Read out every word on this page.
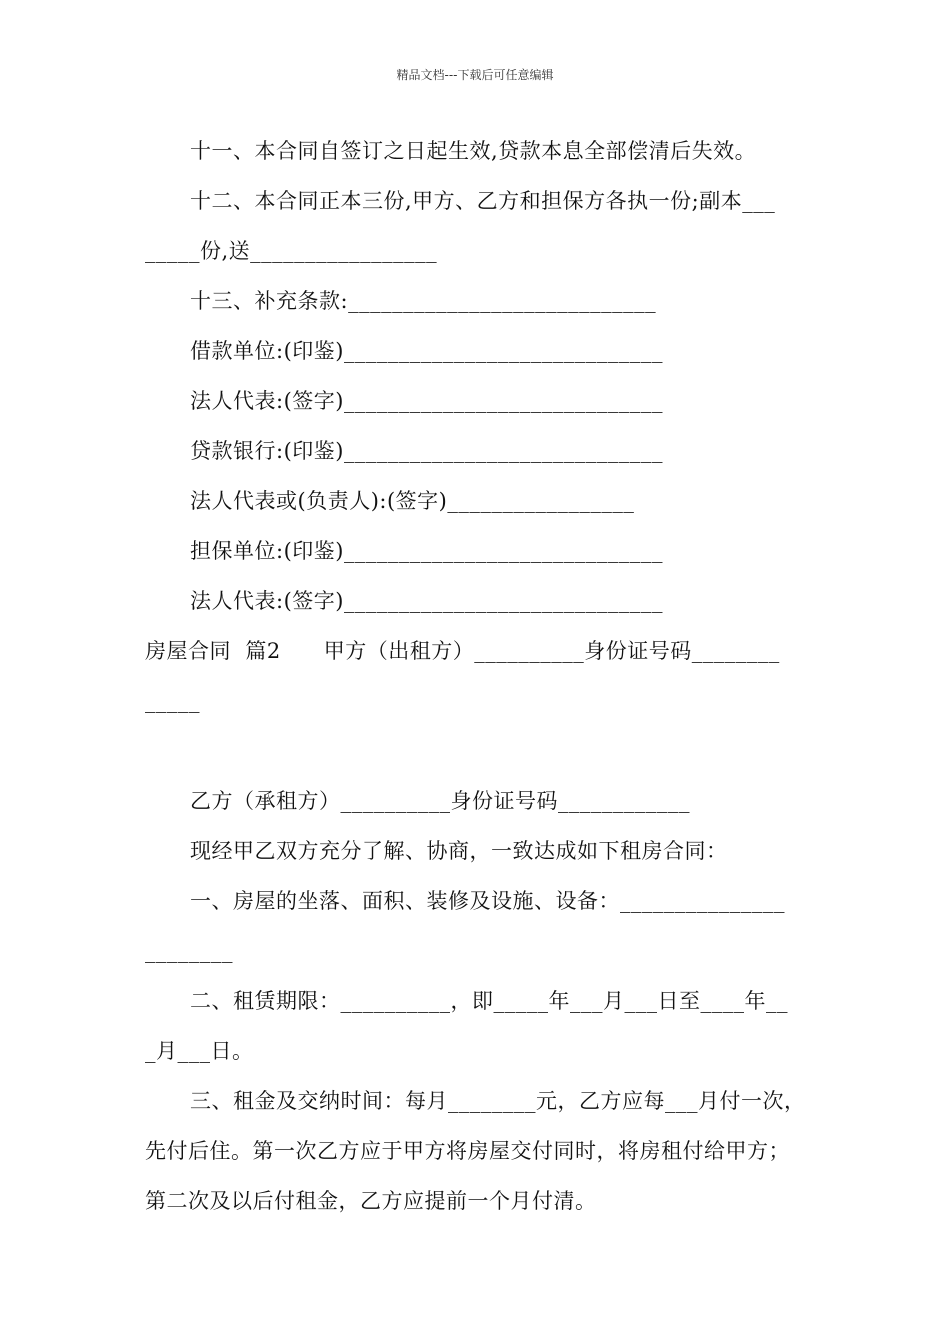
精品文档---下载后可任意编辑
十一、本合同自签订之日起生效,贷款本息全部偿清后失效。
十二、本合同正本三份,甲方、乙方和担保方各执一份;副本___
_____份,送_________________
十三、补充条款:____________________________
借款单位:(印鉴)_____________________________
法人代表:(签字)_____________________________
贷款银行:(印鉴)_____________________________
法人代表或(负责人):(签字)_________________
担保单位:(印鉴)_____________________________
法人代表:(签字)_____________________________
房屋合同  篇2      甲方（出租方）__________身份证号码________
_____
乙方（承租方）__________身份证号码____________
现经甲乙双方充分了解、协商，一致达成如下租房合同：
一、房屋的坐落、面积、装修及设施、设备：_______________
________
二、租赁期限：__________，即_____年___月___日至____年__
_月___日。
三、租金及交纳时间：每月________元，乙方应每___月付一次，
先付后住。第一次乙方应于甲方将房屋交付同时，将房租付给甲方；
第二次及以后付租金，乙方应提前一个月付清。
